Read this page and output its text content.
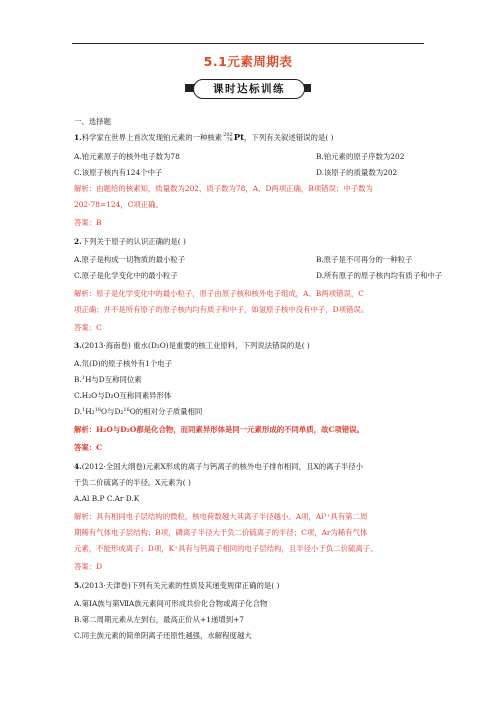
5.1元素周期表
课时达标训练
一、选择题
1.科学家在世界上首次发现铂元素的一种核素202
78Pt，下列有关叙述错误的是( )
A.铂元素原子的核外电子数为78	B.铂元素的原子序数为202
C.该原子核内有124个中子	D.该原子的质量数为202
解析：由题给的核素知，质量数为202，质子数为78，A、D两项正确，B项错误；中子数为
202-78=124，C项正确。
答案：B
2.下列关于原子的认识正确的是( )
A.原子是构成一切物质的最小粒子	B.原子是不可再分的一种粒子
C.原子是化学变化中的最小粒子	D.所有原子的原子核内均有质子和中子
解析：原子是化学变化中的最小粒子，原子由原子核和核外电子组成，A、B两项错误，C
项正确；并不是所有原子的原子核内均有质子和中子，如氢原子核中没有中子，D项错误。
答案：C
3.(2013·海南卷) 重水(D₂O)是重要的核工业原料，下列说法错误的是( )
A.氘(D)的原子核外有1个电子
B.$^1$H与D互称同位素
C.H₂O与D₂O互称同素异形体
D.$^1$H₂$^{18}$O与D₂$^{16}$O的相对分子质量相同
解析：H₂O与D₂O都是化合物，而同素异形体是同一元素形成的不同单质，故C项错误。
答案：C
4.(2012·全国大纲卷)元素X形成的离子与钙离子的核外电子排布相同，且X的离子半径小
于负二价硫离子的半径。X元素为( )
A.Al B.P C.Ar D.K
解析：具有相同电子层结构的微粒，核电荷数越大其离子半径越小。A项，Al³⁺具有第二周
期稀有气体电子层结构；B项，磷离子半径大于负二价硫离子的半径；C项，Ar为稀有气体
元素，不能形成离子；D项，K⁺具有与钙离子相同的电子层结构，且半径小于负二价硫离子。
答案：D
5.(2013·天津卷)下列有关元素的性质及其递变规律正确的是( )
A.第ⅠA族与第ⅦA族元素间可形成共价化合物或离子化合物
B.第二周期元素从左到右，最高正价从+1递增到+7
C.同主族元素的简单阴离子还原性越强，水解程度越大
